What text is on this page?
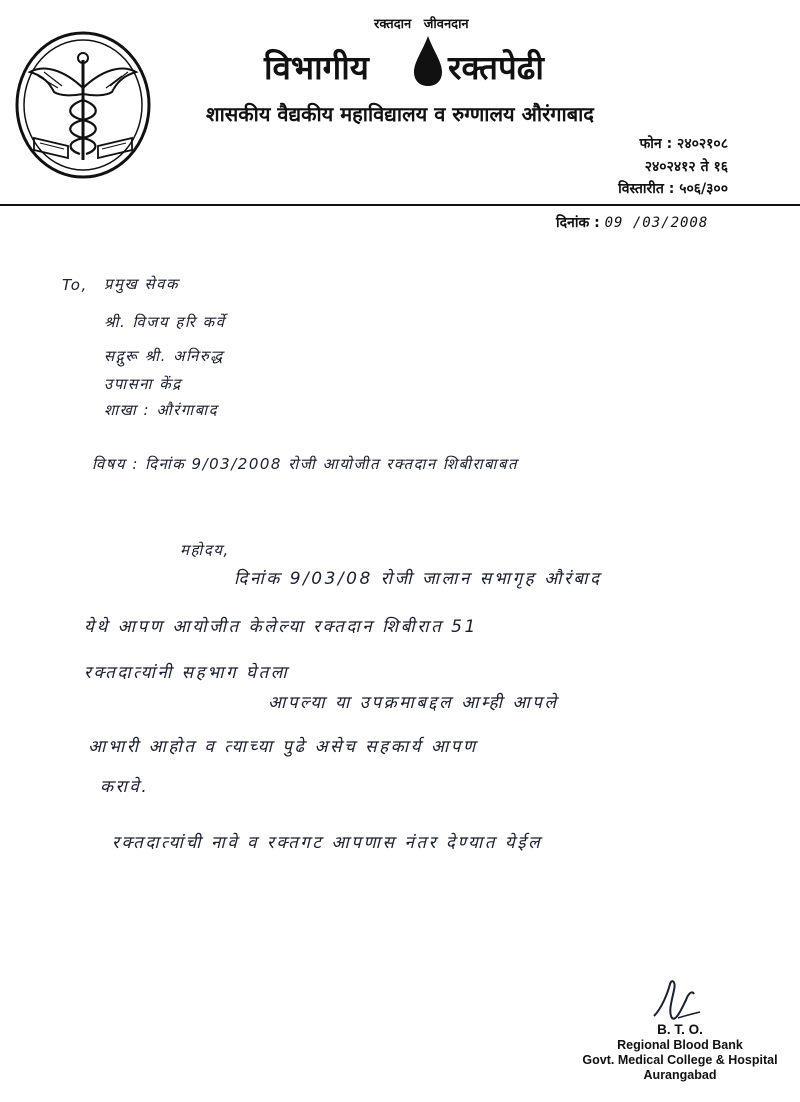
रक्तदान जीवनदान
विभागीय रक्तपेढी
शासकीय वैद्यकीय महाविद्यालय व रुग्णालय औरंगाबाद
फोन : २४०२१०८
२४०२४१२ ते १६
विस्तारीत : ५०६/३००
दिनांक : 09 /03/2008
To, प्रमुख सेवक
श्री. विजय हरि कर्वे
सद्गुरू श्री. अनिरुद्ध
उपासना केंद्र
शाखा : औरंगाबाद
विषय : दिनांक 9/03/2008 रोजी आयोजीत रक्तदान शिबीराबाबत
महोदय,
दिनांक 9/03/08 रोजी जालान सभागृह औरंबाद
येथे आपण आयोजीत केलेल्या रक्तदान शिबीरात 51
रक्तदात्यांनी सहभाग घेतला
आपल्या या उपक्रमाबद्दल आम्ही आपले
आभारी आहोत व त्याच्या पुढे असेच सहकार्य आपण
करावे.
रक्तदात्यांची नावे व रक्तगट आपणास नंतर देण्यात येईल
B. T. O.
Regional Blood Bank
Govt. Medical College & Hospital
Aurangabad
